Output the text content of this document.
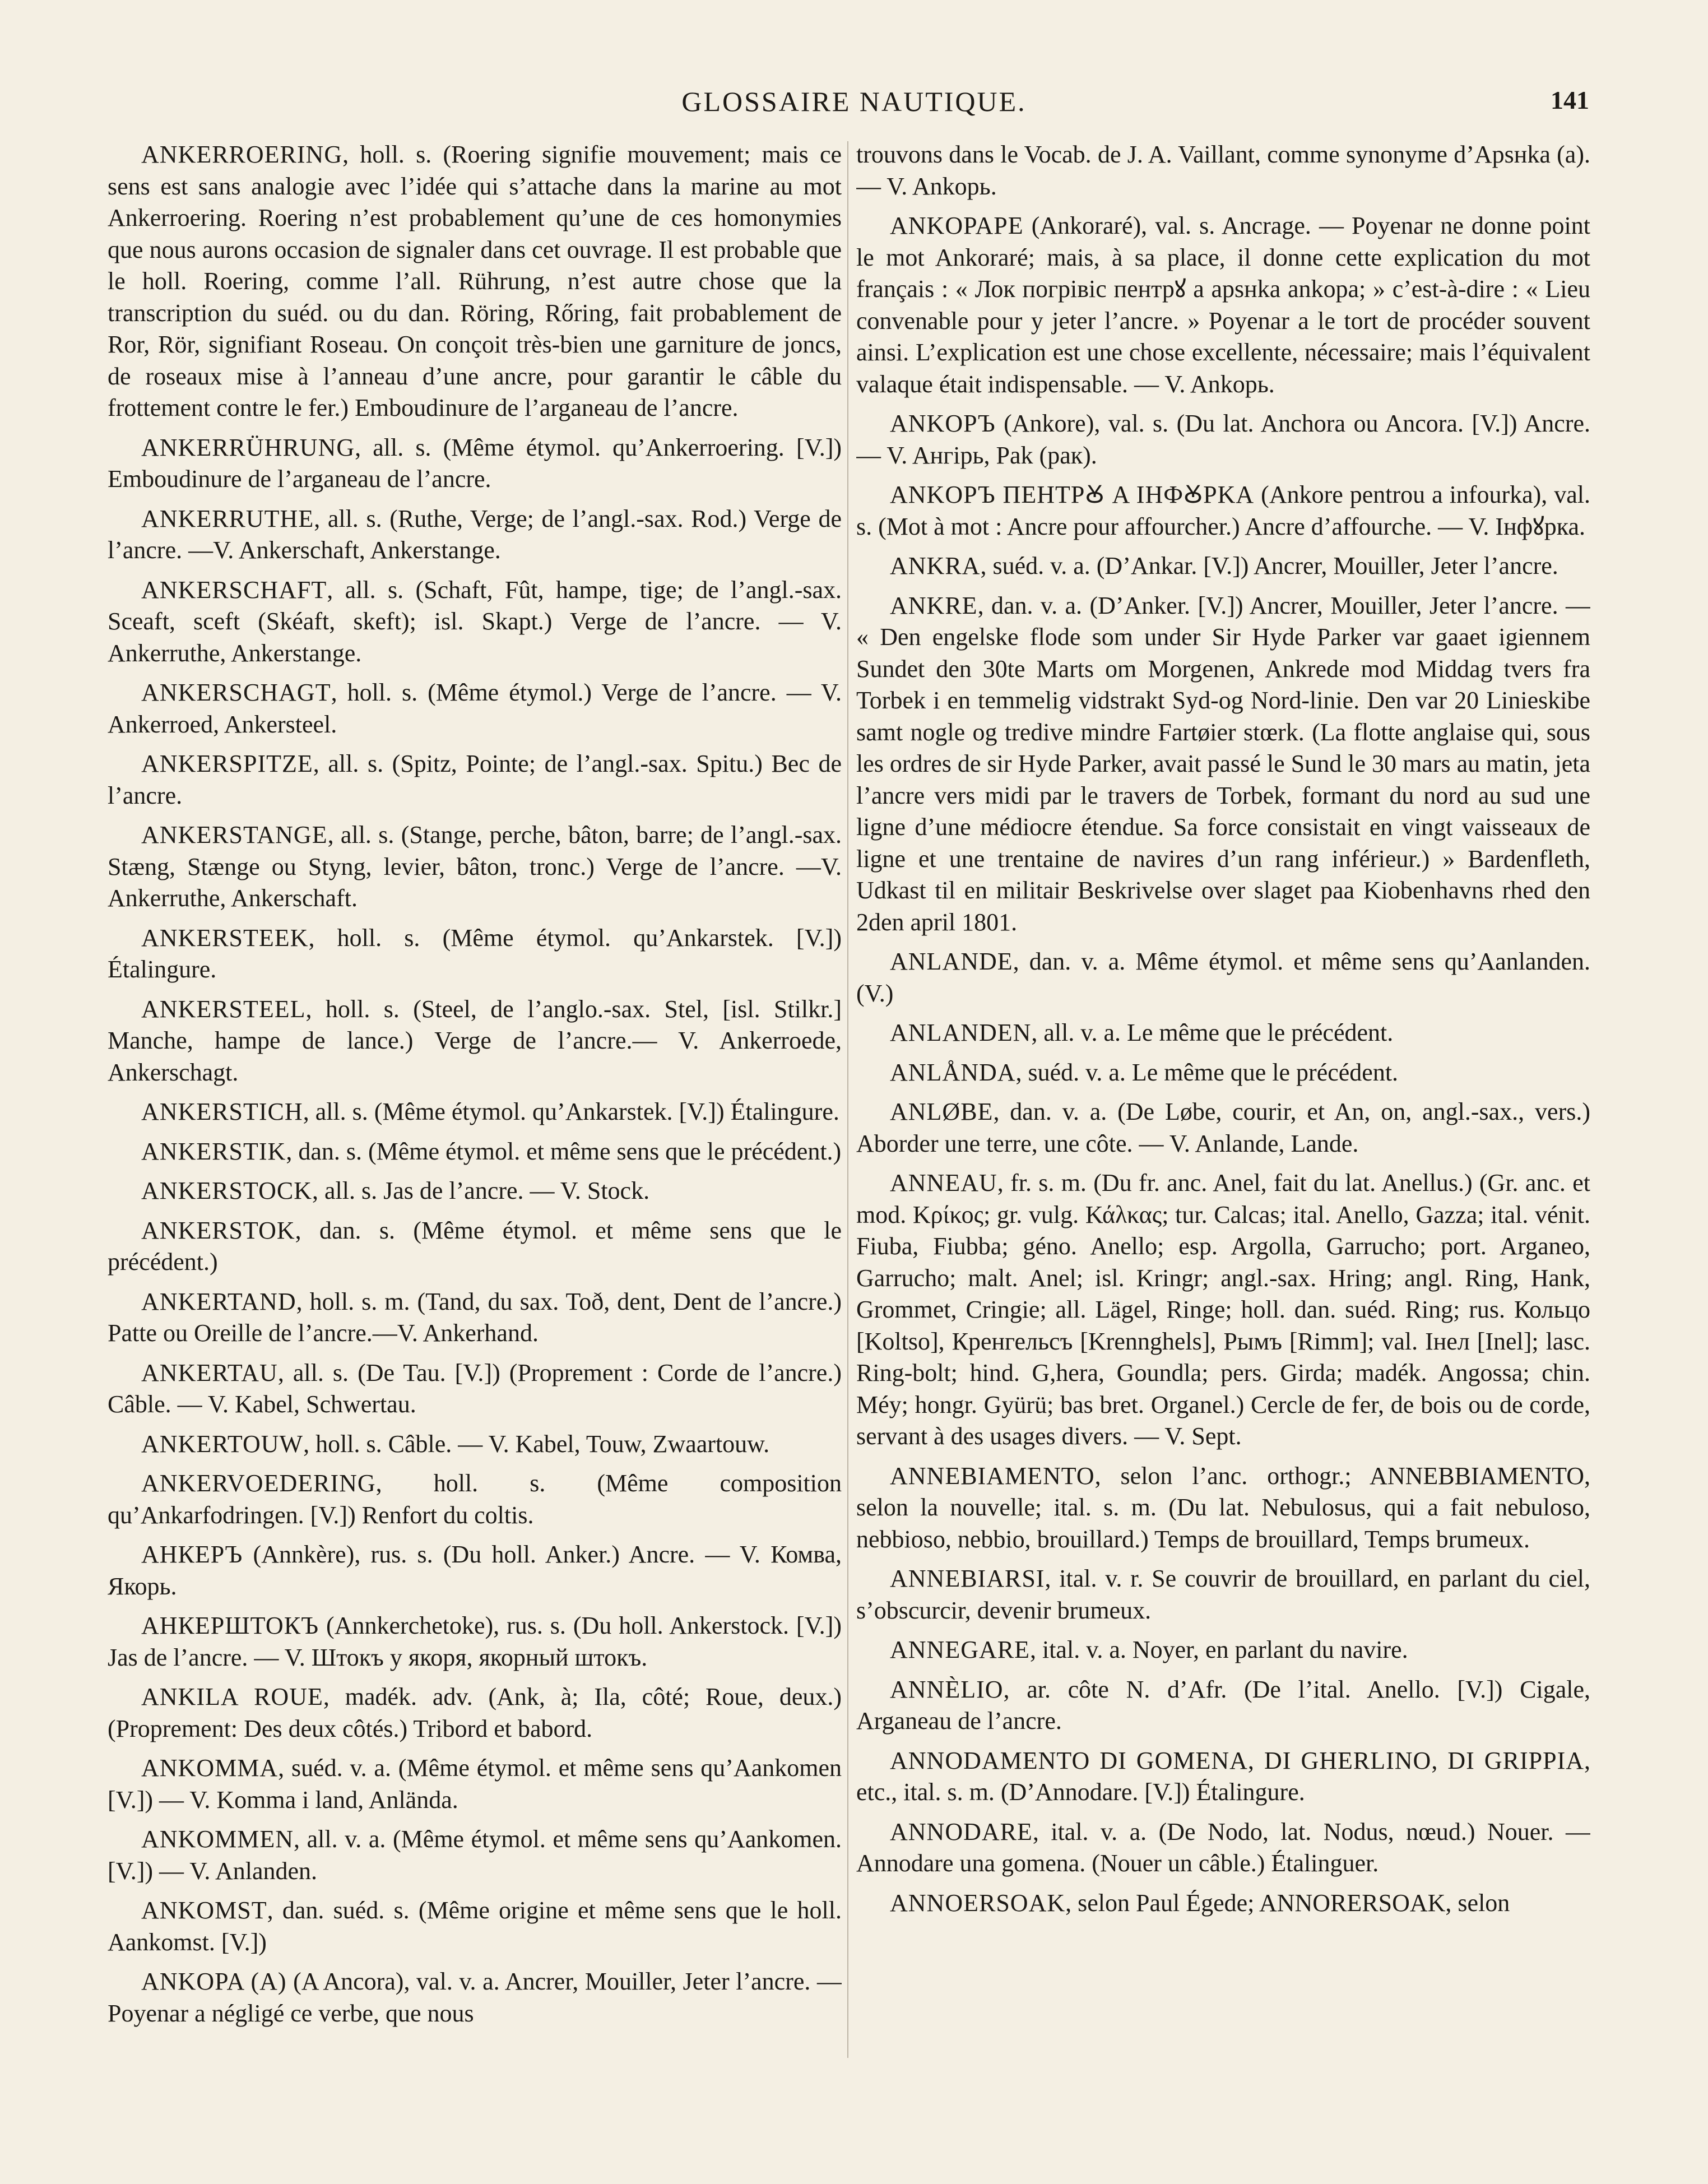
GLOSSAIRE NAUTIQUE.	141

ANKERROERING, holl. s. (Roering signifie mouvement; mais ce sens est sans analogie avec l’idée qui s’attache dans la marine au mot Ankerroering. Roering n’est probablement qu’une de ces homonymies que nous aurons occasion de signaler dans cet ouvrage. Il est probable que le holl. Roering, comme l’all. Rührung, n’est autre chose que la transcription du suéd. ou du dan. Röring, Rőring, fait probablement de Ror, Rör, signifiant Roseau. On conçoit très-bien une garniture de joncs, de roseaux mise à l’anneau d’une ancre, pour garantir le câble du frottement contre le fer.) Emboudinure de l’arganeau de l’ancre.

ANKERRÜHRUNG, all. s. (Même étymol. qu’Ankerroering. [V.]) Emboudinure de l’arganeau de l’ancre.

ANKERRUTHE, all. s. (Ruthe, Verge; de l’angl.-sax. Rod.) Verge de l’ancre. —V. Ankerschaft, Ankerstange.

ANKERSCHAFT, all. s. (Schaft, Fût, hampe, tige; de l’angl.-sax. Sceaft, sceft (Skéaft, skeft); isl. Skapt.) Verge de l’ancre. — V. Ankerruthe, Ankerstange.

ANKERSCHAGT, holl. s. (Même étymol.) Verge de l’ancre. — V. Ankerroed, Ankersteel.

ANKERSPITZE, all. s. (Spitz, Pointe; de l’angl.-sax. Spitu.) Bec de l’ancre.

ANKERSTANGE, all. s. (Stange, perche, bâton, barre; de l’angl.-sax. Stæng, Stænge ou Styng, levier, bâton, tronc.) Verge de l’ancre. —V. Ankerruthe, Ankerschaft.

ANKERSTEEK, holl. s. (Même étymol. qu’Ankarstek. [V.]) Étalingure.

ANKERSTEEL, holl. s. (Steel, de l’anglo.-sax. Stel, [isl. Stilkr.] Manche, hampe de lance.) Verge de l’ancre.— V. Ankerroede, Ankerschagt.

ANKERSTICH, all. s. (Même étymol. qu’Ankarstek. [V.]) Étalingure.

ANKERSTIK, dan. s. (Même étymol. et même sens que le précédent.)

ANKERSTOCK, all. s. Jas de l’ancre. — V. Stock.

ANKERSTOK, dan. s. (Même étymol. et même sens que le précédent.)

ANKERTAND, holl. s. m. (Tand, du sax. Toð, dent, Dent de l’ancre.) Patte ou Oreille de l’ancre.—V. Ankerhand.

ANKERTAU, all. s. (De Tau. [V.]) (Proprement : Corde de l’ancre.) Câble. — V. Kabel, Schwertau.

ANKERTOUW, holl. s. Câble. — V. Kabel, Touw, Zwaartouw.

ANKERVOEDERING, holl. s. (Même composition qu’Ankarfodringen. [V.]) Renfort du coltis.

АНКЕРЪ (Annkère), rus. s. (Du holl. Anker.) Ancre. — V. Комва, Якорь.

АНКЕРШТОКЪ (Annkerchetoke), rus. s. (Du holl. Ankerstock. [V.]) Jas de l’ancre. — V. Штокъ у якоря, якорный штокъ.

ANKILA ROUE, madék. adv. (Ank, à; Ila, côté; Roue, deux.) (Proprement: Des deux côtés.) Tribord et babord.

ANKOMMA, suéd. v. a. (Même étymol. et même sens qu’Aankomen [V.]) — V. Komma i land, Anlända.

ANKOMMEN, all. v. a. (Même étymol. et même sens qu’Aankomen. [V.]) — V. Anlanden.

ANKOMST, dan. suéd. s. (Même origine et même sens que le holl. Aankomst. [V.])

ANKOPA (A) (A Ancora), val. v. a. Ancrer, Mouiller, Jeter l’ancre. — Poyenar a négligé ce verbe, que nous

trouvons dans le Vocab. de J. A. Vaillant, comme synonyme d’Аpѕнka (a). — V. Ankopь.

ANKOPAPE (Ankoraré), val. s. Ancrage. — Poyenar ne donne point le mot Ankoraré; mais, à sa place, il donne cette explication du mot français : « Лок погрiвiс пентрꙋ a apѕнka ankopa; » c’est-à-dire : « Lieu convenable pour y jeter l’ancre. » Poyenar a le tort de procéder souvent ainsi. L’explication est une chose excellente, nécessaire; mais l’équivalent valaque était indispensable. — V. Ankopь.

ANKOPЪ (Ankore), val. s. (Du lat. Anchora ou Ancora. [V.]) Ancre. — V. Aнгipь, Pak (рак).

ANKOPЪ ПЕНТРꙊ A IНФꙊPKA (Ankore pentrou a infourka), val. s. (Mot à mot : Ancre pour affourcher.) Ancre d’affourche. — V. Iнфꙋрка.

ANKRA, suéd. v. a. (D’Ankar. [V.]) Ancrer, Mouiller, Jeter l’ancre.

ANKRE, dan. v. a. (D’Anker. [V.]) Ancrer, Mouiller, Jeter l’ancre. — « Den engelske flode som under Sir Hyde Parker var gaaet igiennem Sundet den 30te Marts om Morgenen, Ankrede mod Middag tvers fra Torbek i en temmelig vidstrakt Syd-og Nord-linie. Den var 20 Linieskibe samt nogle og tredive mindre Fartøier stœrk. (La flotte anglaise qui, sous les ordres de sir Hyde Parker, avait passé le Sund le 30 mars au matin, jeta l’ancre vers midi par le travers de Torbek, formant du nord au sud une ligne d’une médiocre étendue. Sa force consistait en vingt vaisseaux de ligne et une trentaine de navires d’un rang inférieur.) » Bardenfleth, Udkast til en militair Beskrivelse over slaget paa Kiobenhavns rhed den 2den april 1801.

ANLANDE, dan. v. a. Même étymol. et même sens qu’Aanlanden. (V.)

ANLANDEN, all. v. a. Le même que le précédent.

ANLÅNDA, suéd. v. a. Le même que le précédent.

ANLØBE, dan. v. a. (De Løbe, courir, et An, on, angl.-sax., vers.) Aborder une terre, une côte. — V. Anlande, Lande.

ANNEAU, fr. s. m. (Du fr. anc. Anel, fait du lat. Anellus.) (Gr. anc. et mod. Κρίκος; gr. vulg. Κάλκας; tur. Calcas; ital. Anello, Gazza; ital. vénit. Fiuba, Fiubba; géno. Anello; esp. Argolla, Garrucho; port. Arganeo, Garrucho; malt. Anel; isl. Kringr; angl.-sax. Hring; angl. Ring, Hank, Grommet, Cringie; all. Lägel, Ringe; holl. dan. suéd. Ring; rus. Кольцо [Koltso], Кренгельсъ [Krennghels], Рымъ [Rimm]; val. Iнел [Inel]; lasc. Ring-bolt; hind. G,hera, Goundla; pers. Girda; madék. Angossa; chin. Méy; hongr. Gyürü; bas bret. Organel.) Cercle de fer, de bois ou de corde, servant à des usages divers. — V. Sept.

ANNEBIAMENTO, selon l’anc. orthogr.; ANNEBBIAMENTO, selon la nouvelle; ital. s. m. (Du lat. Nebulosus, qui a fait nebuloso, nebbioso, nebbio, brouillard.) Temps de brouillard, Temps brumeux.

ANNEBIARSI, ital. v. r. Se couvrir de brouillard, en parlant du ciel, s’obscurcir, devenir brumeux.

ANNEGARE, ital. v. a. Noyer, en parlant du navire.

ANNÈLIO, ar. côte N. d’Afr. (De l’ital. Anello. [V.]) Cigale, Arganeau de l’ancre.

ANNODAMENTO DI GOMENA, DI GHERLINO, DI GRIPPIA, etc., ital. s. m. (D’Annodare. [V.]) Étalingure.

ANNODARE, ital. v. a. (De Nodo, lat. Nodus, nœud.) Nouer. — Annodare una gomena. (Nouer un câble.) Étalinguer.

ANNOERSOAK, selon Paul Égede; ANNORERSOAK, selon
